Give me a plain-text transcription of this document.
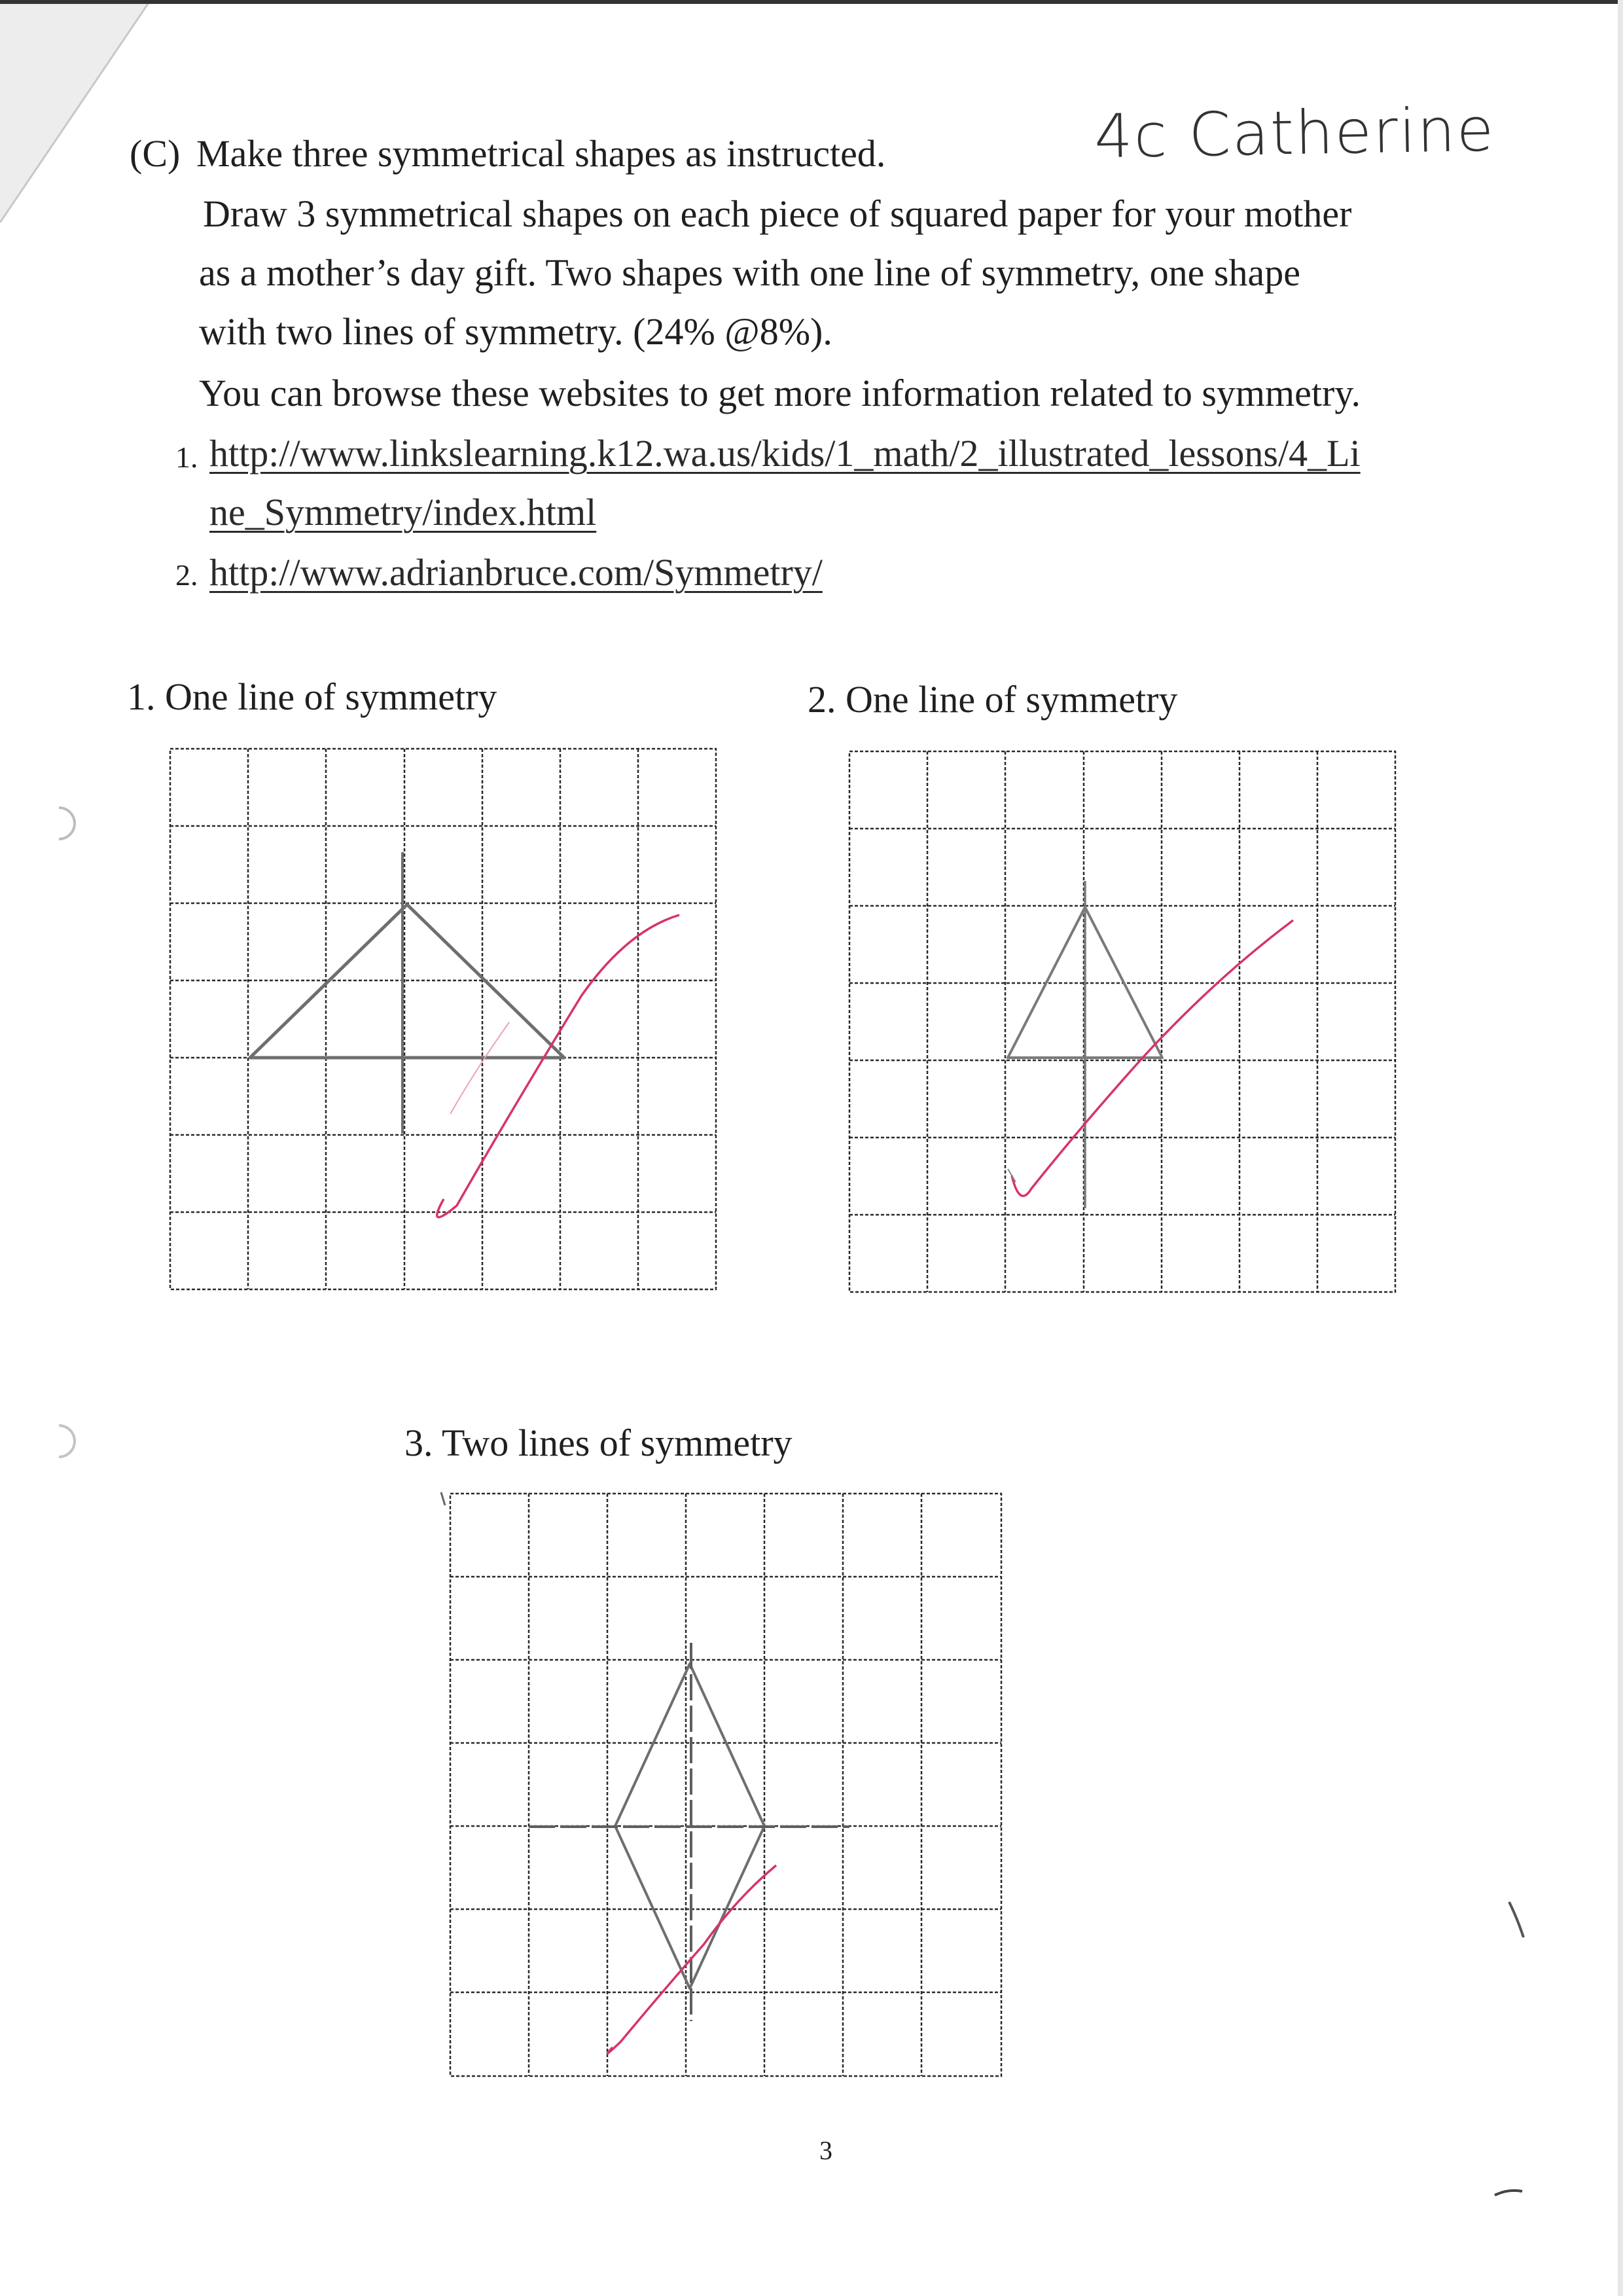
(C) Make three symmetrical shapes as instructed.	4c Catherine
Draw 3 symmetrical shapes on each piece of squared paper for your mother
as a mother’s day gift. Two shapes with one line of symmetry, one shape
with two lines of symmetry. (24% @8%).
You can browse these websites to get more information related to symmetry.
1. http://www.linkslearning.k12.wa.us/kids/1_math/2_illustrated_lessons/4_Li
ne_Symmetry/index.html
2. http://www.adrianbruce.com/Symmetry/
1. One line of symmetry	2. One line of symmetry
3. Two lines of symmetry
3
